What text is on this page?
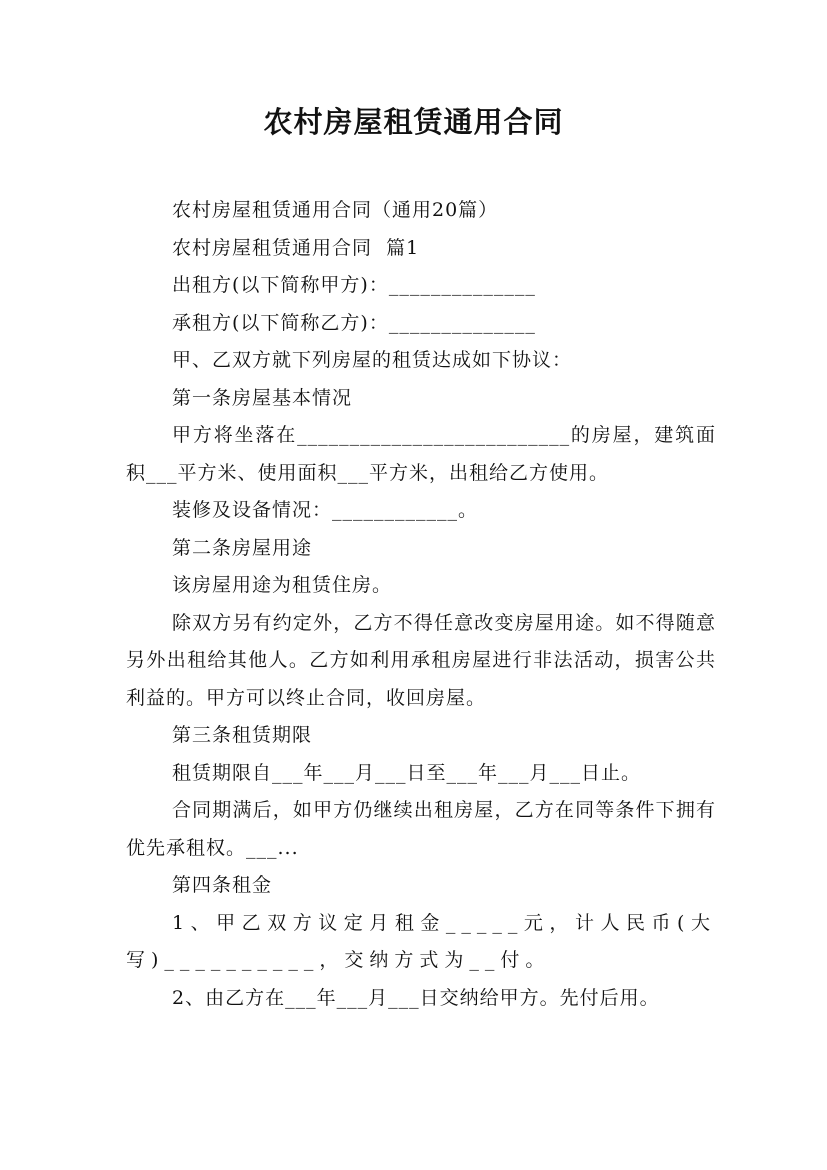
农村房屋租赁通用合同

农村房屋租赁通用合同（通用20篇）

农村房屋租赁通用合同  篇1

出租方(以下简称甲方)：______________

承租方(以下简称乙方)：______________

甲、乙双方就下列房屋的租赁达成如下协议：

第一条房屋基本情况

甲方将坐落在__________________________的房屋，建筑面积___平方米、使用面积___平方米，出租给乙方使用。

装修及设备情况：____________。

第二条房屋用途

该房屋用途为租赁住房。

除双方另有约定外，乙方不得任意改变房屋用途。如不得随意另外出租给其他人。乙方如利用承租房屋进行非法活动，损害公共利益的。甲方可以终止合同，收回房屋。

第三条租赁期限

租赁期限自___年___月___日至___年___月___日止。

合同期满后，如甲方仍继续出租房屋，乙方在同等条件下拥有优先承租权。___...

第四条租金

1、甲乙双方议定月租金_____元，计人民币(大写)__________，交纳方式为__付。

2、由乙方在___年___月___日交纳给甲方。先付后用。
